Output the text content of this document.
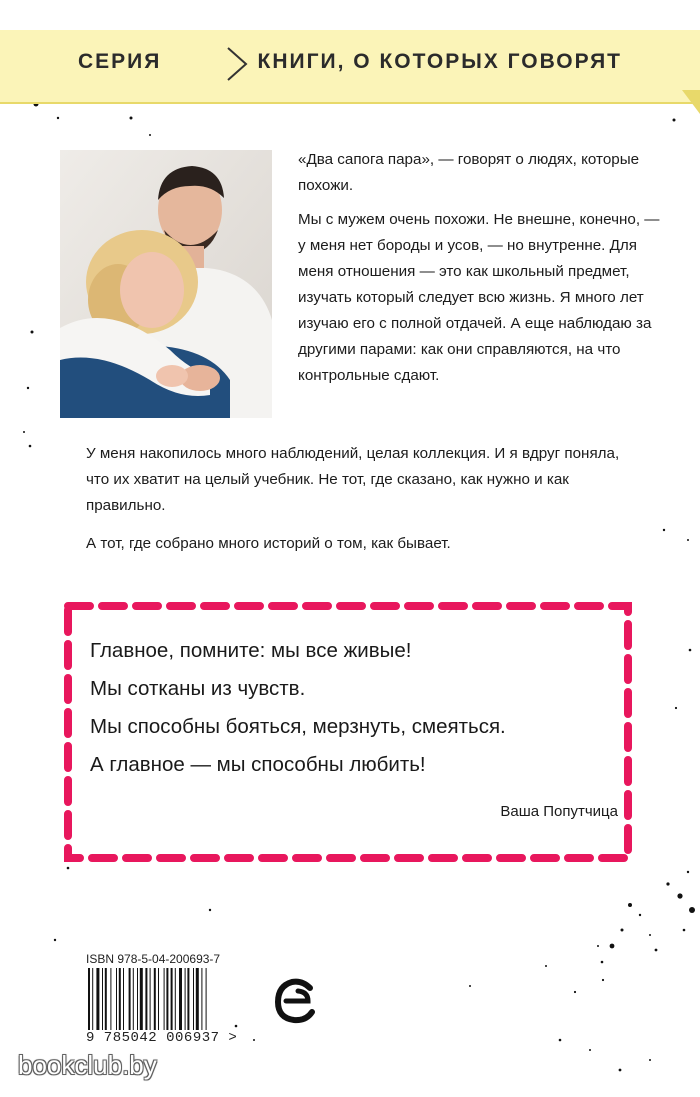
СЕРИЯ	КНИГИ, О КОТОРЫХ ГОВОРЯТ

«Два сапога пара», — говорят о людях, которые похожи.

Мы с мужем очень похожи. Не внешне, конечно, — у меня нет бороды и усов, — но внутренне. Для меня отношения — это как школьный предмет, изучать который следует всю жизнь. Я много лет изучаю его с полной отдачей. А еще наблюдаю за другими парами: как они справляются, на что контрольные сдают.

У меня накопилось много наблюдений, целая коллекция. И я вдруг поняла, что их хватит на целый учебник. Не тот, где сказано, как нужно и как правильно.

А тот, где собрано много историй о том, как бывает.

Главное, помните: мы все живые!
Мы сотканы из чувств.
Мы способны бояться, мерзнуть, смеяться.
А главное — мы способны любить!
Ваша Попутчица
ISBN 978-5-04-200693-7
9 785042 006937 >
bookclub.by
